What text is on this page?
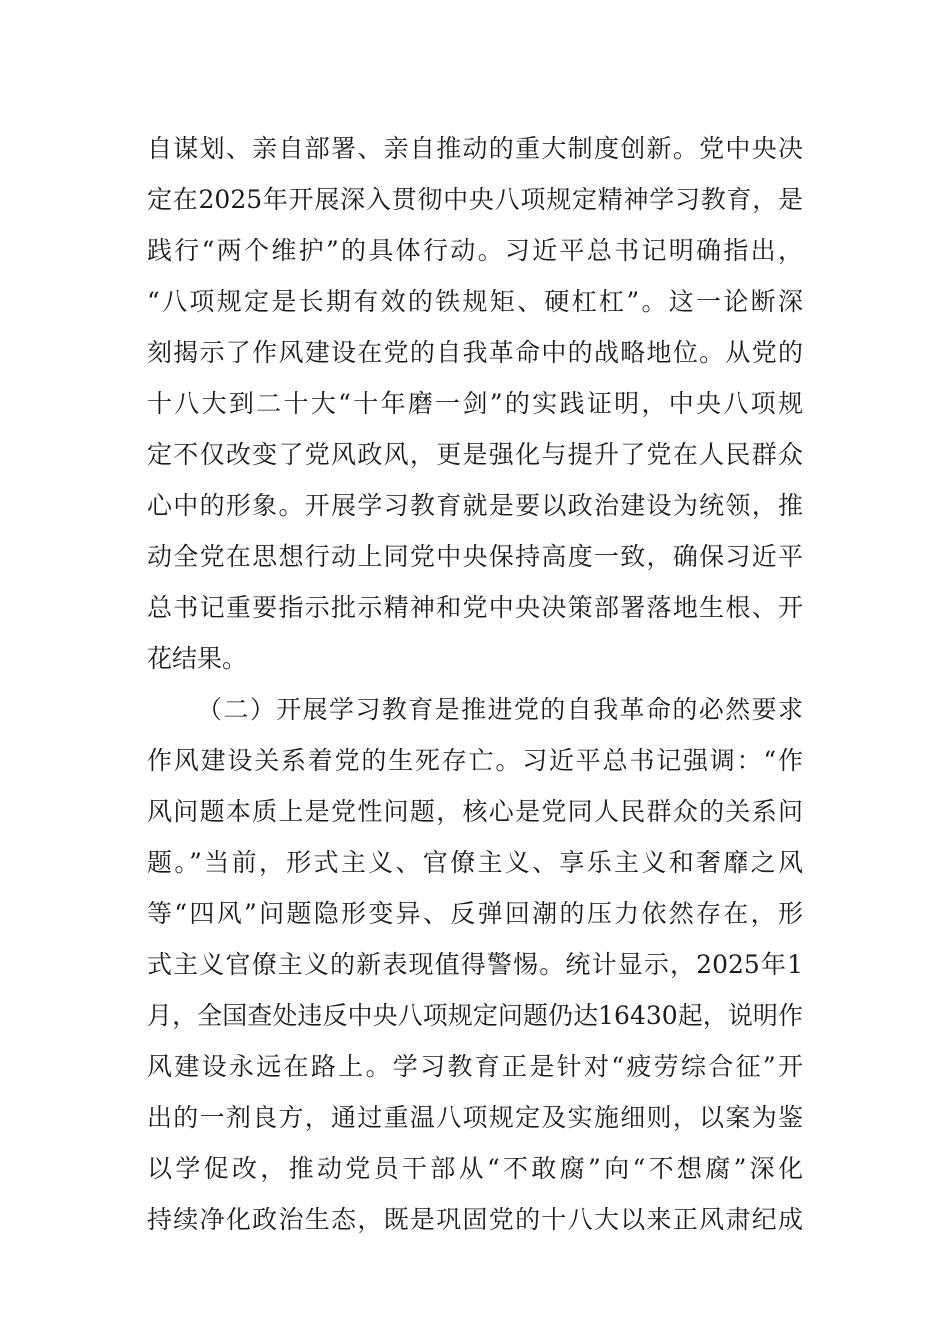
自谋划、亲自部署、亲自推动的重大制度创新。党中央决
定在2025年开展深入贯彻中央八项规定精神学习教育，是
践行“两个维护”的具体行动。习近平总书记明确指出，
“八项规定是长期有效的铁规矩、硬杠杠”。这一论断深
刻揭示了作风建设在党的自我革命中的战略地位。从党的
十八大到二十大“十年磨一剑”的实践证明，中央八项规
定不仅改变了党风政风，更是强化与提升了党在人民群众
心中的形象。开展学习教育就是要以政治建设为统领，推
动全党在思想行动上同党中央保持高度一致，确保习近平
总书记重要指示批示精神和党中央决策部署落地生根、开
花结果。
（二）开展学习教育是推进党的自我革命的必然要求
作风建设关系着党的生死存亡。习近平总书记强调：“作
风问题本质上是党性问题，核心是党同人民群众的关系问
题。”当前，形式主义、官僚主义、享乐主义和奢靡之风
等“四风”问题隐形变异、反弹回潮的压力依然存在，形
式主义官僚主义的新表现值得警惕。统计显示，2025年1
月，全国查处违反中央八项规定问题仍达16430起，说明作
风建设永远在路上。学习教育正是针对“疲劳综合征”开
出的一剂良方，通过重温八项规定及实施细则，以案为鉴
以学促改，推动党员干部从“不敢腐”向“不想腐”深化
持续净化政治生态，既是巩固党的十八大以来正风肃纪成
